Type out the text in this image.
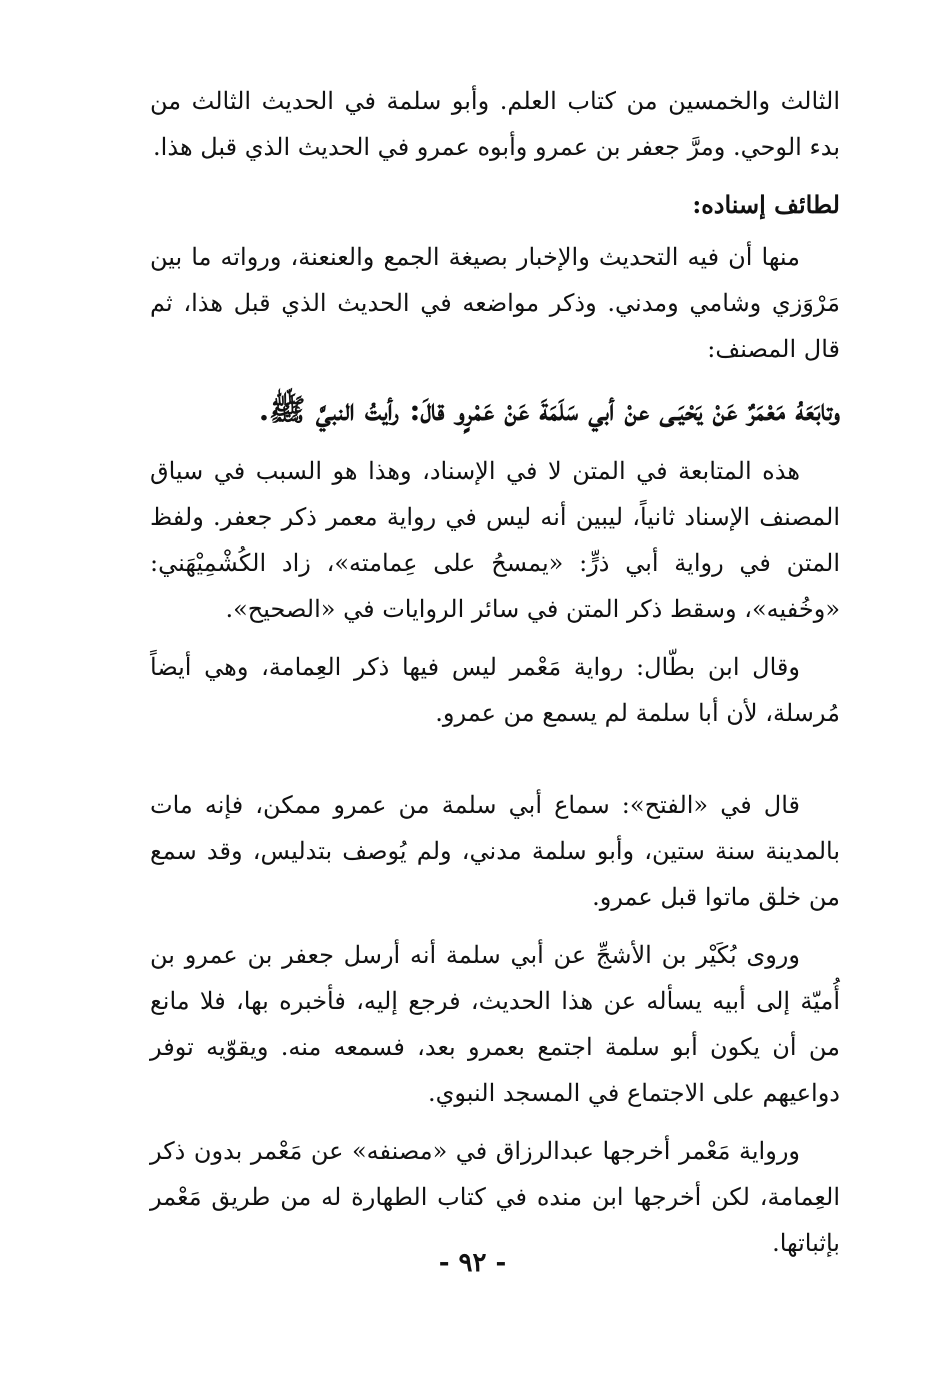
الثالث والخمسين من كتاب العلم. وأبو سلمة في الحديث الثالث من بدء الوحي. ومرَّ جعفر بن عمرو وأبوه عمرو في الحديث الذي قبل هذا.

لطائف إسناده:

منها أن فيه التحديث والإخبار بصيغة الجمع والعنعنة، ورواته ما بين مَرْوَزي وشامي ومدني. وذكر مواضعه في الحديث الذي قبل هذا، ثم قال المصنف:

وتابَعَهُ مَعْمَرٌ عَنْ يَحْيَـى عنْ أبي سَلَمَةَ عَنْ عَمْرٍو قالَ: رأيتُ النبيَّ ﷺ.

هذه المتابعة في المتن لا في الإسناد، وهذا هو السبب في سياق المصنف الإسناد ثانياً، ليبين أنه ليس في رواية معمر ذكر جعفر. ولفظ المتن في رواية أبي ذرٍّ: «يمسحُ على عِمامته»، زاد الكُشْمِيْهَني: «وخُفيه»، وسقط ذكر المتن في سائر الروايات في «الصحيح».

وقال ابن بطّال: رواية مَعْمر ليس فيها ذكر العِمامة، وهي أيضاً مُرسلة، لأن أبا سلمة لم يسمع من عمرو.

قال في «الفتح»: سماع أبي سلمة من عمرو ممكن، فإنه مات بالمدينة سنة ستين، وأبو سلمة مدني، ولم يُوصف بتدليس، وقد سمع من خلق ماتوا قبل عمرو.

وروى بُكَيْر بن الأشجِّ عن أبي سلمة أنه أرسل جعفر بن عمرو بن أُميّة إلى أبيه يسأله عن هذا الحديث، فرجع إليه، فأخبره بها، فلا مانع من أن يكون أبو سلمة اجتمع بعمرو بعد، فسمعه منه. ويقوّيه توفر دواعيهم على الاجتماع في المسجد النبوي.

ورواية مَعْمر أخرجها عبدالرزاق في «مصنفه» عن مَعْمر بدون ذكر العِمامة، لكن أخرجها ابن منده في كتاب الطهارة له من طريق مَعْمر بإثباتها.

- ٩٢ -
